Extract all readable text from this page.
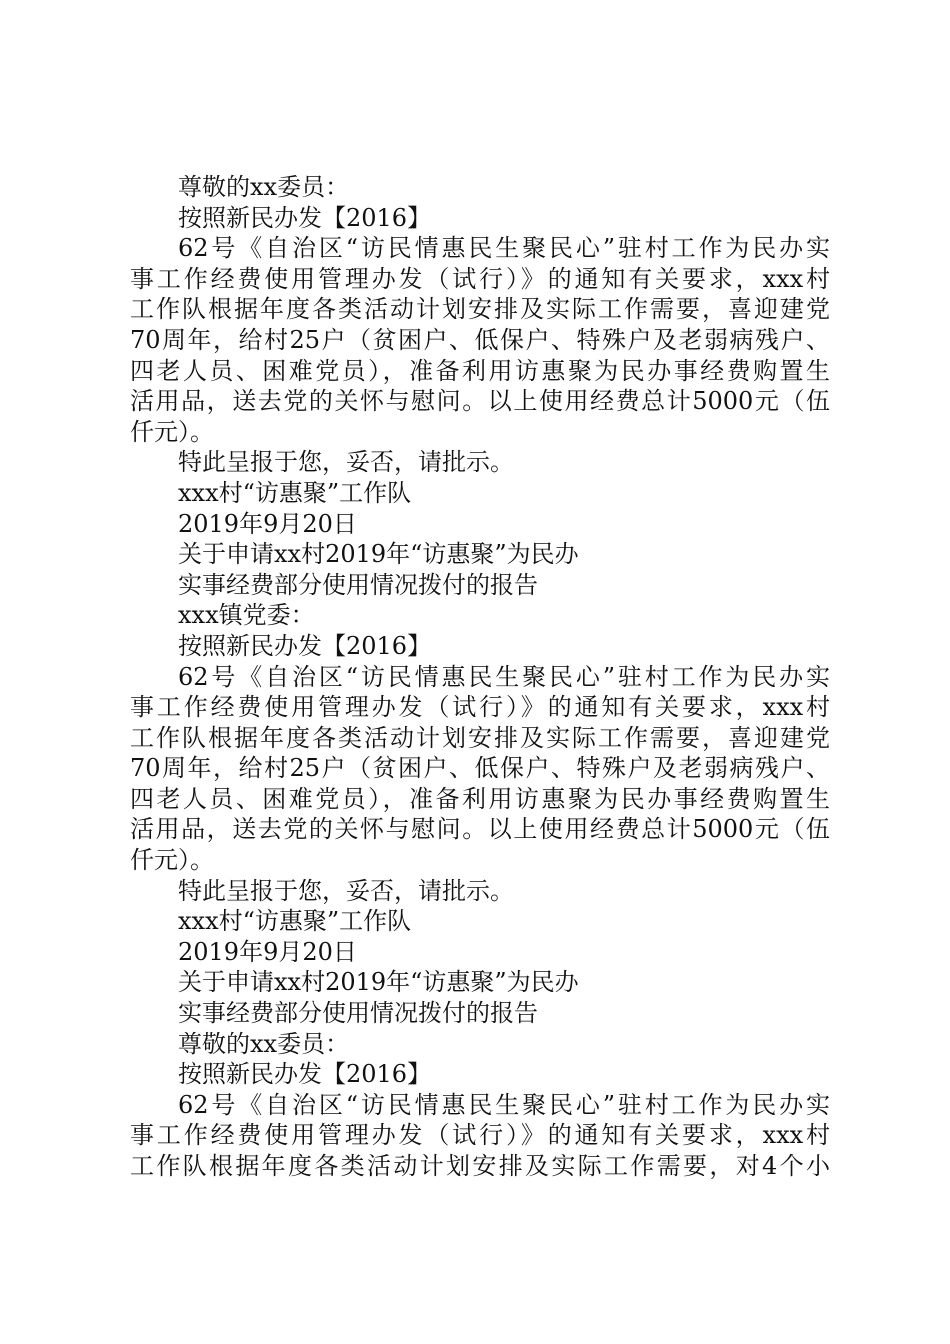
尊敬的xx委员：
按照新民办发【2016】
62号《自治区“访民情惠民生聚民心”驻村工作为民办实
事工作经费使用管理办发（试行）》的通知有关要求，xxx村
工作队根据年度各类活动计划安排及实际工作需要，喜迎建党
70周年，给村25户（贫困户、低保户、特殊户及老弱病残户、
四老人员、困难党员），准备利用访惠聚为民办事经费购置生
活用品，送去党的关怀与慰问。以上使用经费总计5000元（伍
仟元）。
特此呈报于您，妥否，请批示。
xxx村“访惠聚”工作队
2019年9月20日
关于申请xx村2019年“访惠聚”为民办
实事经费部分使用情况拨付的报告
xxx镇党委：
按照新民办发【2016】
62号《自治区“访民情惠民生聚民心”驻村工作为民办实
事工作经费使用管理办发（试行）》的通知有关要求，xxx村
工作队根据年度各类活动计划安排及实际工作需要，喜迎建党
70周年，给村25户（贫困户、低保户、特殊户及老弱病残户、
四老人员、困难党员），准备利用访惠聚为民办事经费购置生
活用品，送去党的关怀与慰问。以上使用经费总计5000元（伍
仟元）。
特此呈报于您，妥否，请批示。
xxx村“访惠聚”工作队
2019年9月20日
关于申请xx村2019年“访惠聚”为民办
实事经费部分使用情况拨付的报告
尊敬的xx委员：
按照新民办发【2016】
62号《自治区“访民情惠民生聚民心”驻村工作为民办实
事工作经费使用管理办发（试行）》的通知有关要求，xxx村
工作队根据年度各类活动计划安排及实际工作需要，对4个小
